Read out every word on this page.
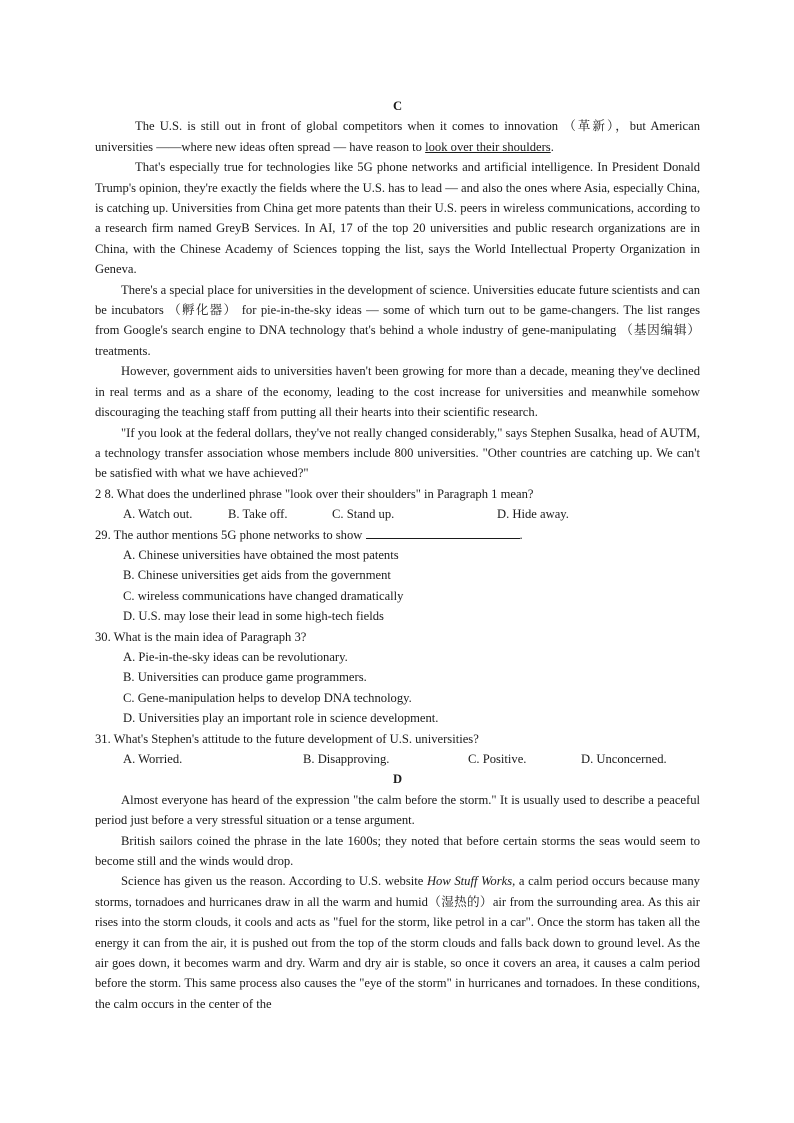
C

The U.S. is still out in front of global competitors when it comes to innovation （革新），but American universities ——where new ideas often spread — have reason to look over their shoulders.

That's especially true for technologies like 5G phone networks and artificial intelligence. In President Donald Trump's opinion, they're exactly the fields where the U.S. has to lead — and also the ones where Asia, especially China, is catching up. Universities from China get more patents than their U.S. peers in wireless communications, according to a research firm named GreyB Services. In AI, 17 of the top 20 universities and public research organizations are in China, with the Chinese Academy of Sciences topping the list, says the World Intellectual Property Organization in Geneva.

There's a special place for universities in the development of science. Universities educate future scientists and can be incubators （孵化器） for pie-in-the-sky ideas — some of which turn out to be game-changers. The list ranges from Google's search engine to DNA technology that's behind a whole industry of gene-manipulating （基因编辑）treatments.

However, government aids to universities haven't been growing for more than a decade, meaning they've declined in real terms and as a share of the economy, leading to the cost increase for universities and meanwhile somehow discouraging the teaching staff from putting all their hearts into their scientific research.

"If you look at the federal dollars, they've not really changed considerably," says Stephen Susalka, head of AUTM, a technology transfer association whose members include 800 universities. "Other countries are catching up. We can't be satisfied with what we have achieved?"

2 8. What does the underlined phrase "look over their shoulders" in Paragraph 1 mean?
A. Watch out.	B. Take off.	C. Stand up.	D. Hide away.
29. The author mentions 5G phone networks to show	.
A. Chinese universities have obtained the most patents
B. Chinese universities get aids from the government
C. wireless communications have changed dramatically
D. U.S. may lose their lead in some high-tech fields
30. What is the main idea of Paragraph 3?
A. Pie-in-the-sky ideas can be revolutionary.
B. Universities can produce game programmers.
C. Gene-manipulation helps to develop DNA technology.
D. Universities play an important role in science development.
31. What's Stephen's attitude to the future development of U.S. universities?
A. Worried.	B. Disapproving.	C. Positive.	D. Unconcerned.
D

Almost everyone has heard of the expression "the calm before the storm." It is usually used to describe a peaceful period just before a very stressful situation or a tense argument.

British sailors coined the phrase in the late 1600s; they noted that before certain storms the seas would seem to become still and the winds would drop.

Science has given us the reason. According to U.S. website How Stuff Works, a calm period occurs because many storms, tornadoes and hurricanes draw in all the warm and humid（湿热的）air from the surrounding area. As this air rises into the storm clouds, it cools and acts as "fuel for the storm, like petrol in a car". Once the storm has taken all the energy it can from the air, it is pushed out from the top of the storm clouds and falls back down to ground level. As the air goes down, it becomes warm and dry. Warm and dry air is stable, so once it covers an area, it causes a calm period before the storm. This same process also causes the "eye of the storm" in hurricanes and tornadoes. In these conditions, the calm occurs in the center of the
